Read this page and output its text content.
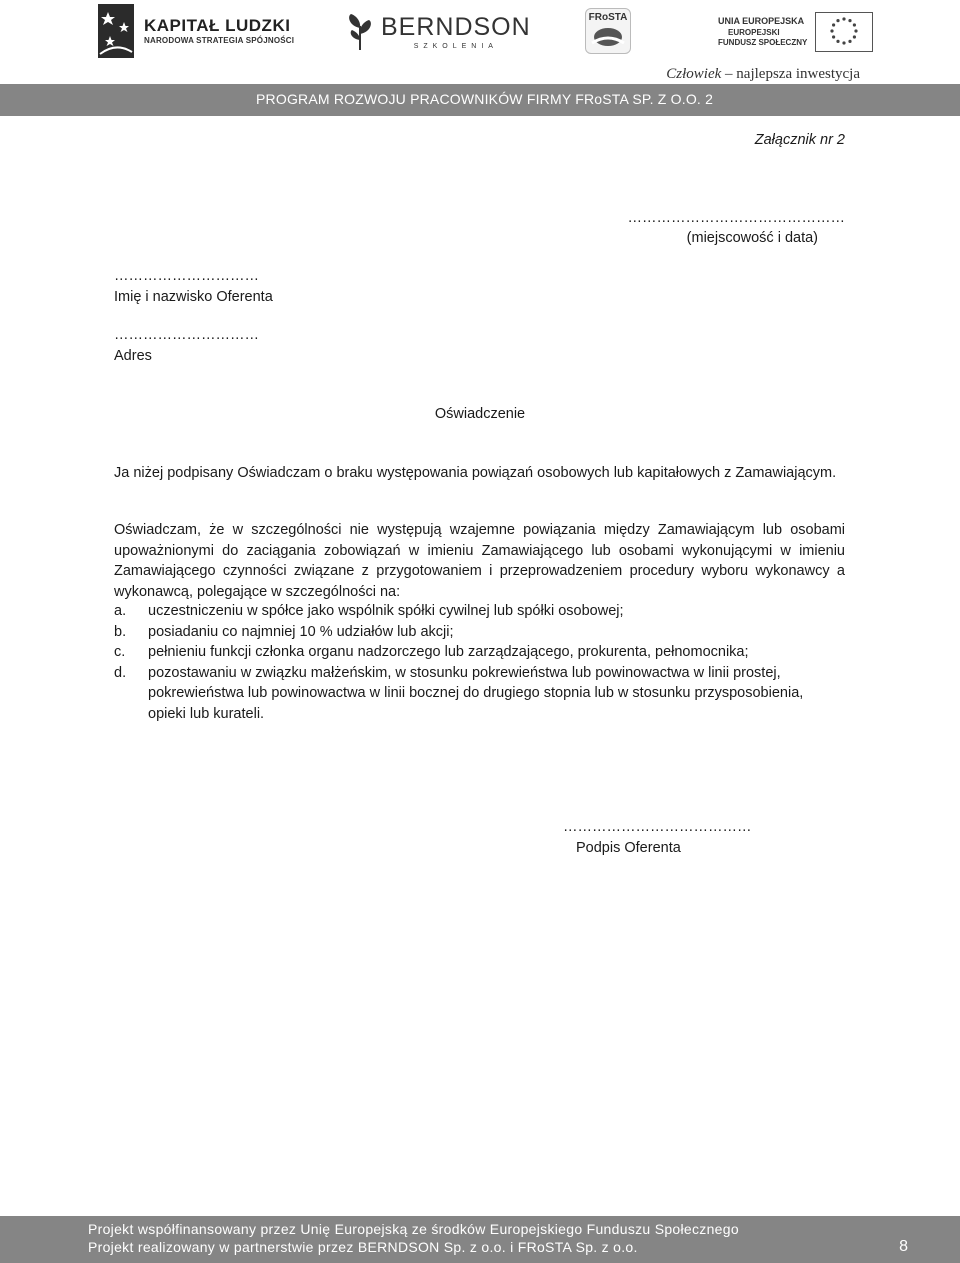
KAPITAŁ LUDZKI
NARODOWA STRATEGIA SPÓJNOŚCI	BERNDSON
SZKOLENIA
FRoSTA	UNIA EUROPEJSKA
EUROPEJSKI
FUNDUSZ SPOŁECZNY
Człowiek – najlepsza inwestycja
PROGRAM ROZWOJU PRACOWNIKÓW FIRMY FRoSTA SP. Z O.O. 2
Załącznik nr 2
………………………………………
(miejscowość i data)
…………………………
Imię i nazwisko Oferenta
…………………………
Adres
Oświadczenie
Ja niżej podpisany Oświadczam o braku występowania powiązań osobowych lub kapitałowych z Zamawiającym.
Oświadczam, że w szczególności nie występują wzajemne powiązania między Zamawiającym lub osobami upoważnionymi do zaciągania zobowiązań w imieniu Zamawiającego lub osobami wykonującymi w imieniu Zamawiającego czynności związane z przygotowaniem i przeprowadzeniem procedury wyboru wykonawcy a wykonawcą, polegające w szczególności na:
a.	uczestniczeniu w spółce jako wspólnik spółki cywilnej lub spółki osobowej;
b.	posiadaniu co najmniej 10 % udziałów lub akcji;
c.	pełnieniu funkcji członka organu nadzorczego lub zarządzającego, prokurenta, pełnomocnika;
d.	pozostawaniu w związku małżeńskim, w stosunku pokrewieństwa lub powinowactwa w linii prostej, pokrewieństwa lub powinowactwa w linii bocznej do drugiego stopnia lub w stosunku przysposobienia, opieki lub kurateli.
…………………………………
Podpis Oferenta
Projekt współfinansowany przez Unię Europejską ze środków Europejskiego Funduszu Społecznego
Projekt realizowany w partnerstwie przez BERNDSON Sp. z o.o. i FRoSTA Sp. z o.o.	8
